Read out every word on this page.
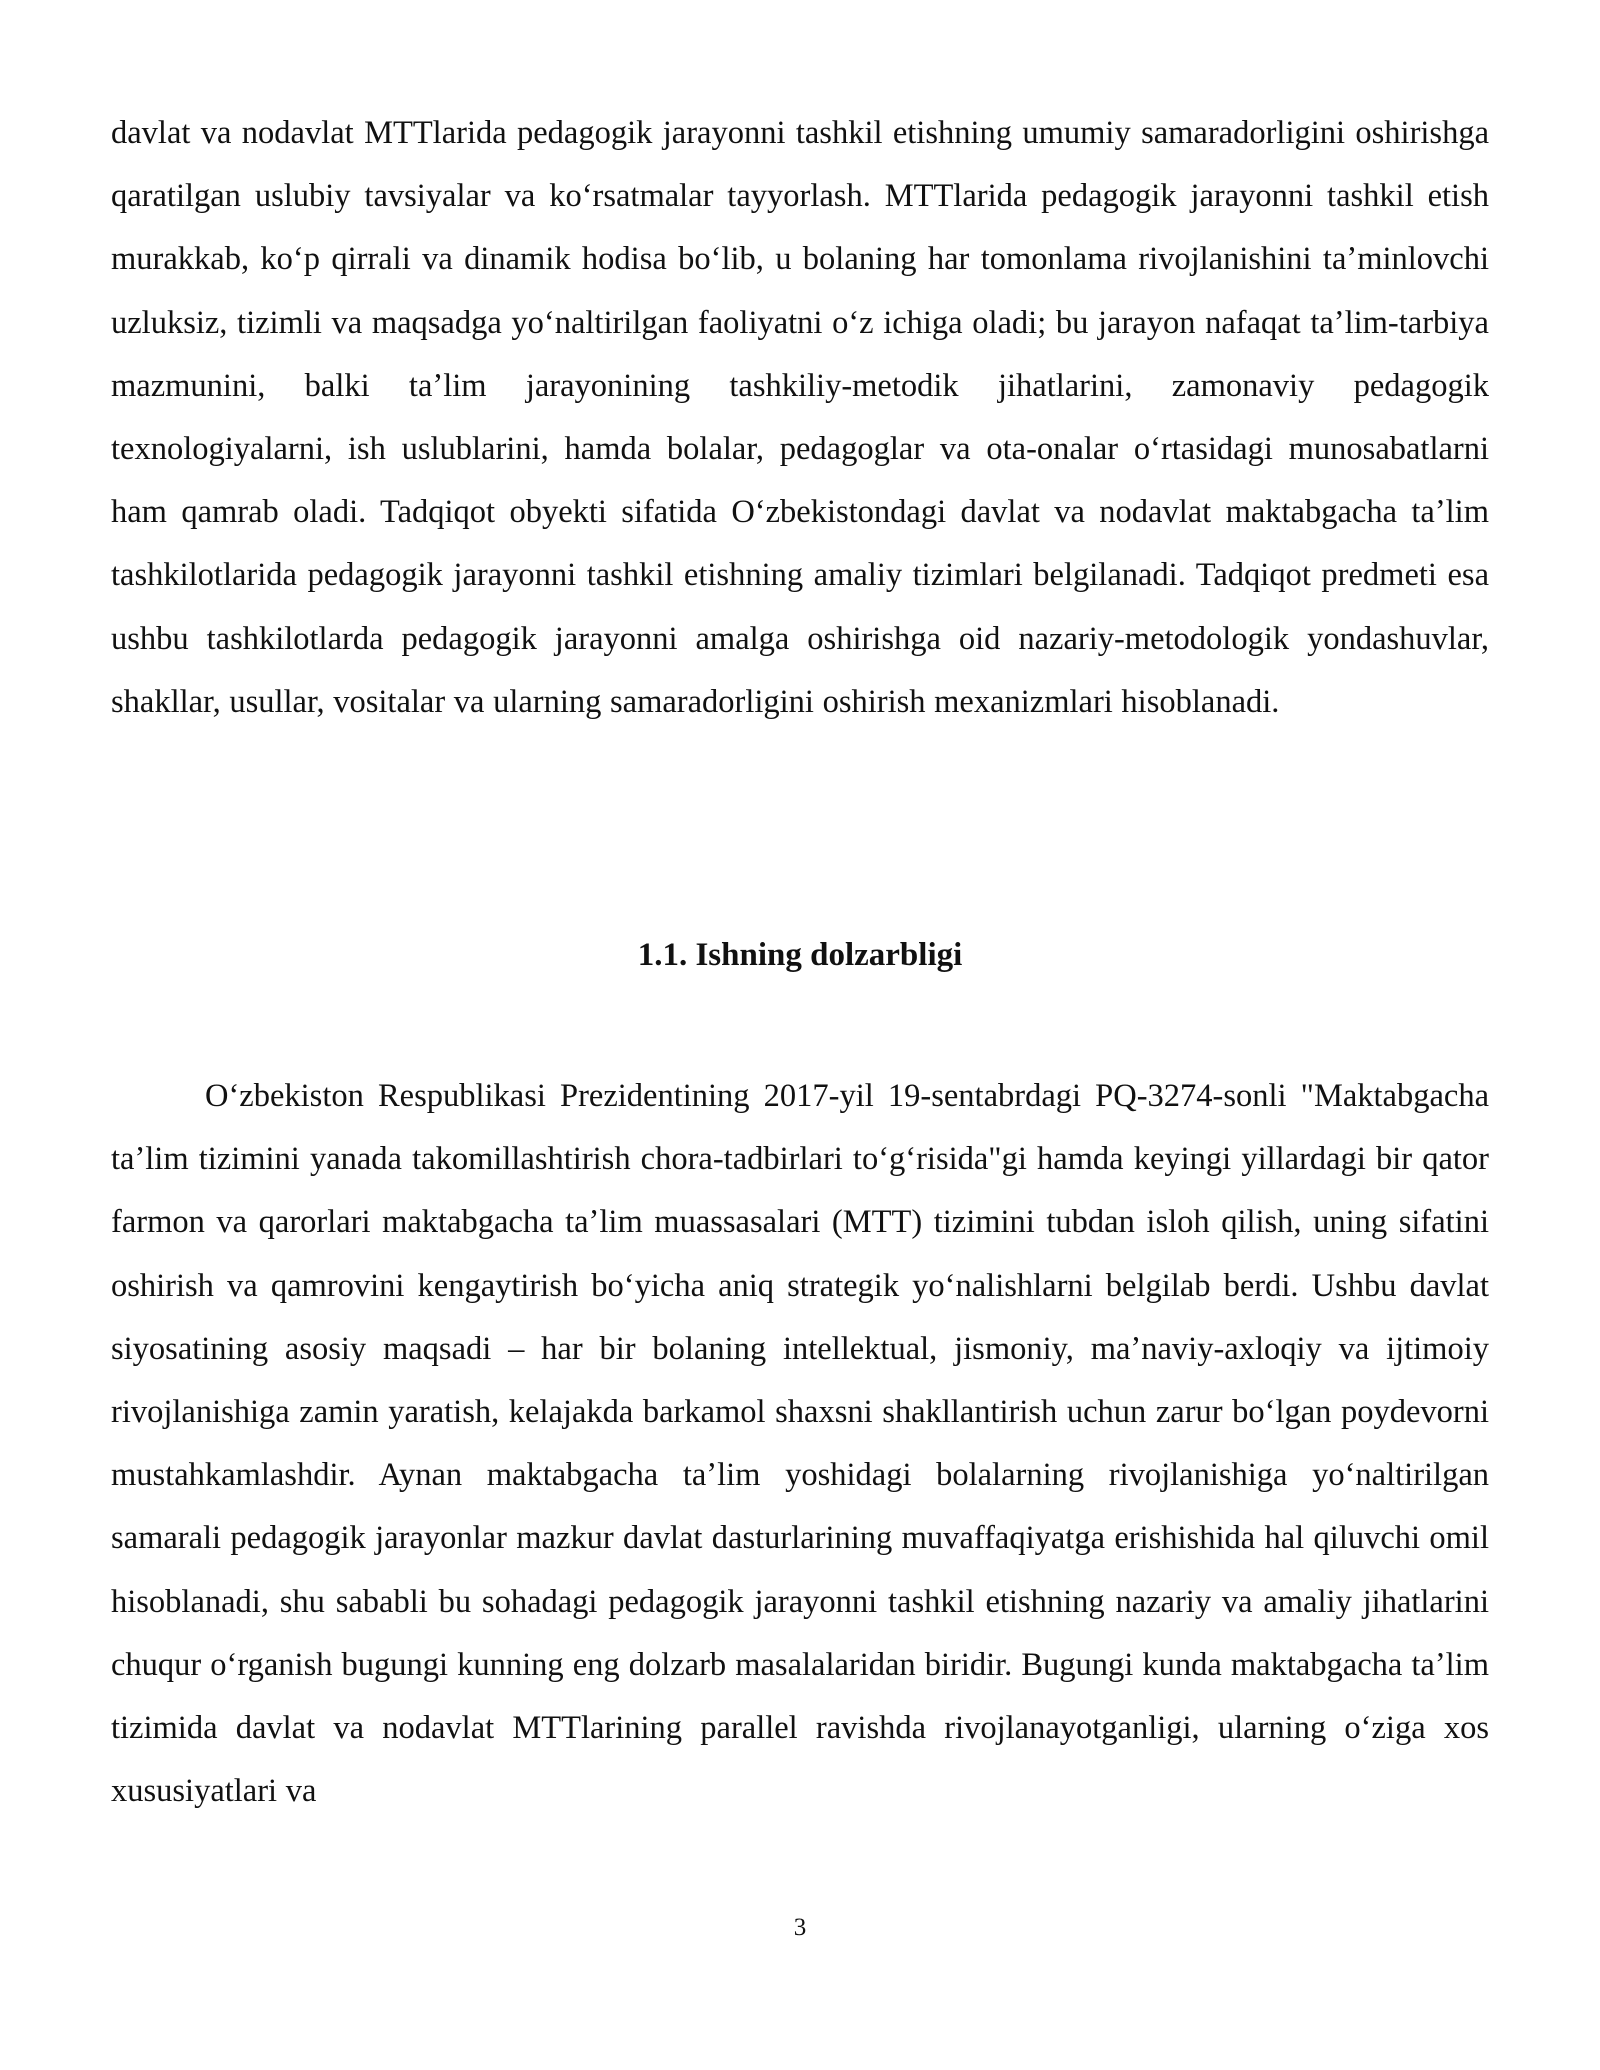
davlat va nodavlat MTTlarida pedagogik jarayonni tashkil etishning umumiy samaradorligini oshirishga qaratilgan uslubiy tavsiyalar va koʻrsatmalar tayyorlash. MTTlarida pedagogik jarayonni tashkil etish murakkab, koʻp qirrali va dinamik hodisa boʻlib, u bolaning har tomonlama rivojlanishini taʼminlovchi uzluksiz, tizimli va maqsadga yoʻnaltirilgan faoliyatni oʻz ichiga oladi; bu jarayon nafaqat taʼlim-tarbiya mazmunini, balki taʼlim jarayonining tashkiliy-metodik jihatlarini, zamonaviy pedagogik texnologiyalarni, ish uslublarini, hamda bolalar, pedagoglar va ota-onalar oʻrtasidagi munosabatlarni ham qamrab oladi. Tadqiqot obyekti sifatida Oʻzbekistondagi davlat va nodavlat maktabgacha taʼlim tashkilotlarida pedagogik jarayonni tashkil etishning amaliy tizimlari belgilanadi. Tadqiqot predmeti esa ushbu tashkilotlarda pedagogik jarayonni amalga oshirishga oid nazariy-metodologik yondashuvlar, shakllar, usullar, vositalar va ularning samaradorligini oshirish mexanizmlari hisoblanadi.

1.1. Ishning dolzarbligi

Oʻzbekiston Respublikasi Prezidentining 2017-yil 19-sentabrdagi PQ-3274-sonli "Maktabgacha taʼlim tizimini yanada takomillashtirish chora-tadbirlari toʻgʻrisida"gi hamda keyingi yillardagi bir qator farmon va qarorlari maktabgacha taʼlim muassasalari (MTT) tizimini tubdan isloh qilish, uning sifatini oshirish va qamrovini kengaytirish boʻyicha aniq strategik yoʻnalishlarni belgilab berdi. Ushbu davlat siyosatining asosiy maqsadi – har bir bolaning intellektual, jismoniy, maʼnaviy-axloqiy va ijtimoiy rivojlanishiga zamin yaratish, kelajakda barkamol shaxsni shakllantirish uchun zarur boʻlgan poydevorni mustahkamlashdir. Aynan maktabgacha taʼlim yoshidagi bolalarning rivojlanishiga yoʻnaltirilgan samarali pedagogik jarayonlar mazkur davlat dasturlarining muvaffaqiyatga erishishida hal qiluvchi omil hisoblanadi, shu sababli bu sohadagi pedagogik jarayonni tashkil etishning nazariy va amaliy jihatlarini chuqur oʻrganish bugungi kunning eng dolzarb masalalaridan biridir. Bugungi kunda maktabgacha taʼlim tizimida davlat va nodavlat MTTlarining parallel ravishda rivojlanayotganligi, ularning oʻziga xos xususiyatlari va

3
